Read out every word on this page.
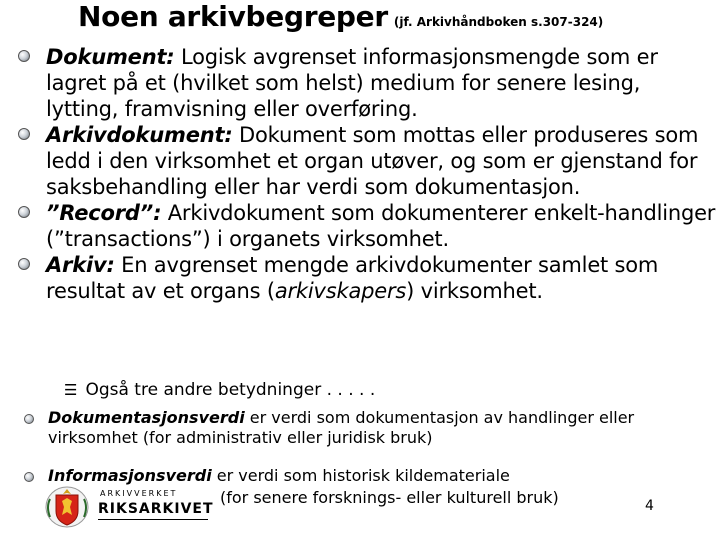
Noen arkivbegreper (jf. Arkivhåndboken s.307-324)
Dokument: Logisk avgrenset informasjonsmengde som er lagret på et (hvilket som helst) medium for senere lesing, lytting, framvisning eller overføring.
Arkivdokument: Dokument som mottas eller produseres som ledd i den virksomhet et organ utøver, og som er gjenstand for saksbehandling eller har verdi som dokumentasjon.
”Record”: Arkivdokument som dokumenterer enkelt-handlinger (”transactions”) i organets virksomhet.
Arkiv: En avgrenset mengde arkivdokumenter samlet som resultat av et organs (arkivskapers) virksomhet.
☰ Også tre andre betydninger . . . . .
Dokumentasjonsverdi er verdi som dokumentasjon av handlinger eller virksomhet (for administrativ eller juridisk bruk)
Informasjonsverdi er verdi som historisk kildemateriale
ARKIVVERKET
RIKSARKIVET
(for senere forsknings- eller kulturell bruk)	4
